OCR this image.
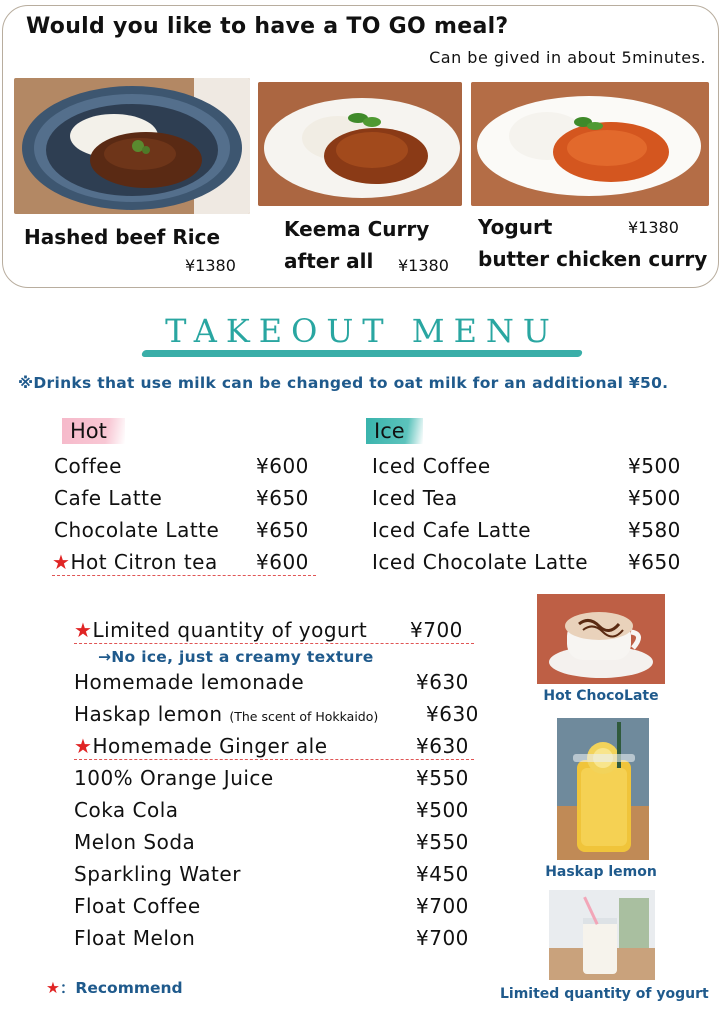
Would you like to have a TO GO meal?
Can be gived in about 5minutes.
Hashed beef Rice
¥1380
Keema Curry
after all ¥1380
Yogurt	¥1380
butter chicken curry
TAKEOUT MENU
※Drinks that use milk can be changed to oat milk for an additional ¥50.
Hot
Coffee	¥600
Cafe Latte	¥650
Chocolate Latte ¥650
★Hot Citron tea ¥600
Ice
Iced Coffee	¥500
Iced Tea	¥500
Iced Cafe Latte	¥580
Iced Chocolate Latte ¥650
★Limited quantity of yogurt ¥700
→No ice, just a creamy texture
Homemade lemonade	¥630
Haskap lemon (The scent of Hokkaido) ¥630
★Homemade Ginger ale	¥630
100% Orange Juice	¥550
Coka Cola	¥500
Melon Soda	¥550
Sparkling Water	¥450
Float Coffee	¥700
Float Melon	¥700
Hot ChocoLate
Haskap lemon
Limited quantity of yogurt
★：Recommend
